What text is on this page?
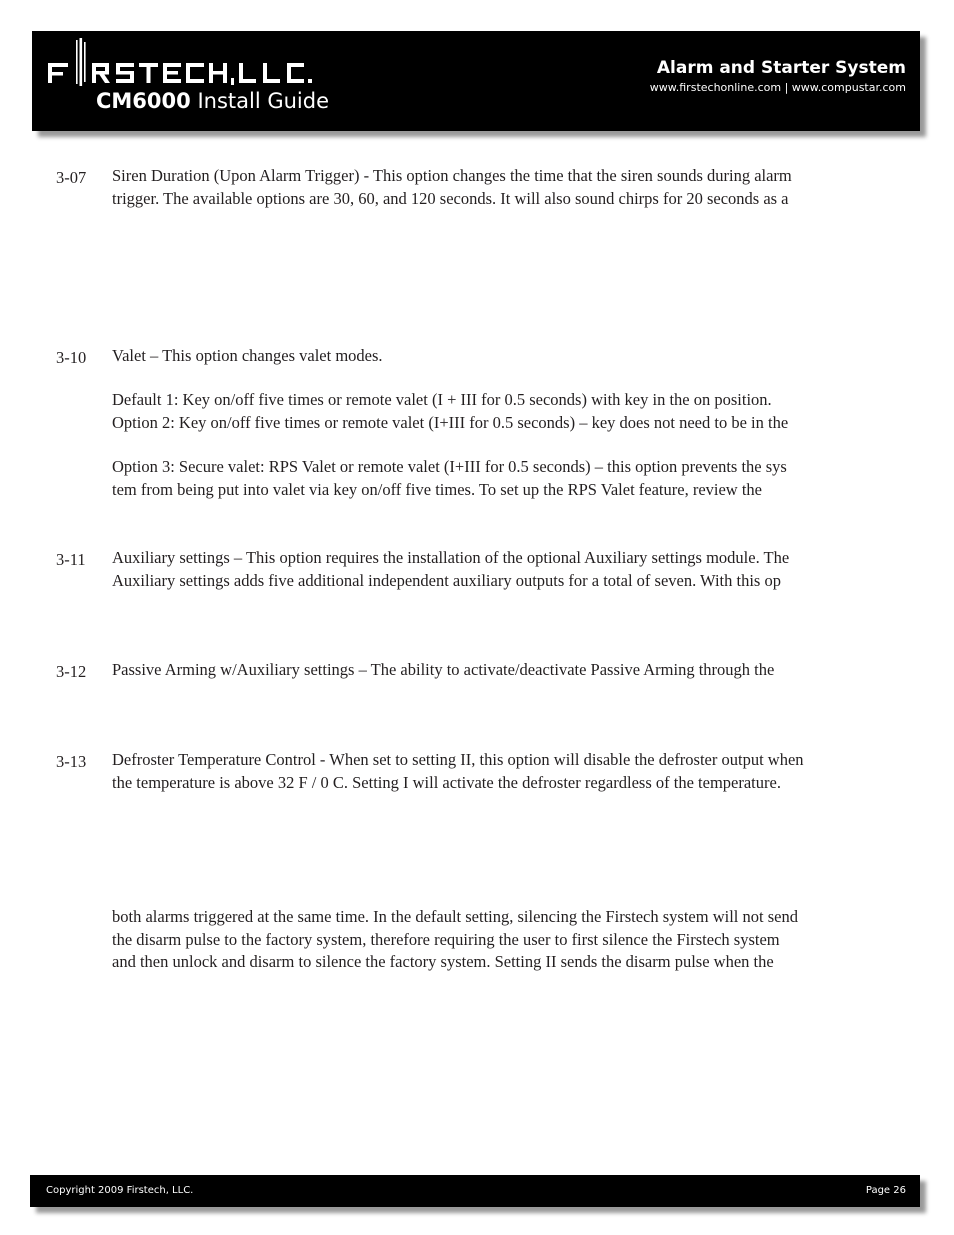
FIRSTECH, LLC.
CM6000 Install Guide
Alarm and Starter System
www.firstechonline.com | www.compustar.com
3-07 Siren Duration (Upon Alarm Trigger) - This option changes the time that the siren sounds during alarm
trigger. The available options are 30, 60, and 120 seconds. It will also sound chirps for 20 seconds as a
3-10 Valet – This option changes valet modes.
Default 1: Key on/off five times or remote valet (I + III for 0.5 seconds) with key in the on position.
Option 2: Key on/off five times or remote valet (I+III for 0.5 seconds) – key does not need to be in the
Option 3: Secure valet: RPS Valet or remote valet (I+III for 0.5 seconds) – this option prevents the sys
tem from being put into valet via key on/off five times. To set up the RPS Valet feature, review the
3-11 Auxiliary settings – This option requires the installation of the optional Auxiliary settings module. The
Auxiliary settings adds five additional independent auxiliary outputs for a total of seven. With this op
3-12 Passive Arming w/Auxiliary settings – The ability to activate/deactivate Passive Arming through the
3-13 Defroster Temperature Control - When set to setting II, this option will disable the defroster output when
the temperature is above 32 F / 0 C. Setting I will activate the defroster regardless of the temperature.
both alarms triggered at the same time. In the default setting, silencing the Firstech system will not send
the disarm pulse to the factory system, therefore requiring the user to first silence the Firstech system
and then unlock and disarm to silence the factory system. Setting II sends the disarm pulse when the
Copyright 2009 Firstech, LLC.	Page 26
